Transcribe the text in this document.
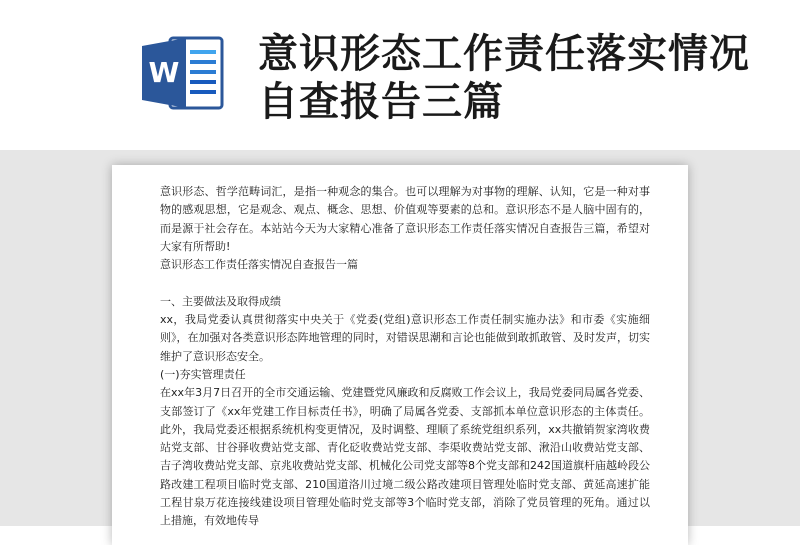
W 意识形态工作责任落实情况自查报告三篇

意识形态、哲学范畴词汇，是指一种观念的集合。也可以理解为对事物的理解、认知，它是一种对事物的感观思想，它是观念、观点、概念、思想、价值观等要素的总和。意识形态不是人脑中固有的，而是源于社会存在。本站站今天为大家精心准备了意识形态工作责任落实情况自查报告三篇，希望对大家有所帮助!

意识形态工作责任落实情况自查报告一篇

一、主要做法及取得成绩

xx，我局党委认真贯彻落实中央关于《党委(党组)意识形态工作责任制实施办法》和市委《实施细则》，在加强对各类意识形态阵地管理的同时，对错误思潮和言论也能做到敢抓敢管、及时发声，切实维护了意识形态安全。

(一)夯实管理责任

在xx年3月7日召开的全市交通运输、党建暨党风廉政和反腐败工作会议上，我局党委同局属各党委、支部签订了《xx年党建工作目标责任书》，明确了局属各党委、支部抓本单位意识形态的主体责任。此外，我局党委还根据系统机构变更情况，及时调整、理顺了系统党组织系列，xx共撤销贺家湾收费站党支部、甘谷驿收费站党支部、青化砭收费站党支部、李渠收费站党支部、湫沿山收费站党支部、吉子湾收费站党支部、京兆收费站党支部、机械化公司党支部等8个党支部和242国道旗杆庙越岭段公路改建工程项目临时党支部、210国道洛川过境二级公路改建项目管理处临时党支部、黄延高速扩能工程甘泉万花连接线建设项目管理处临时党支部等3个临时党支部，消除了党员管理的死角。通过以上措施，有效地传导
